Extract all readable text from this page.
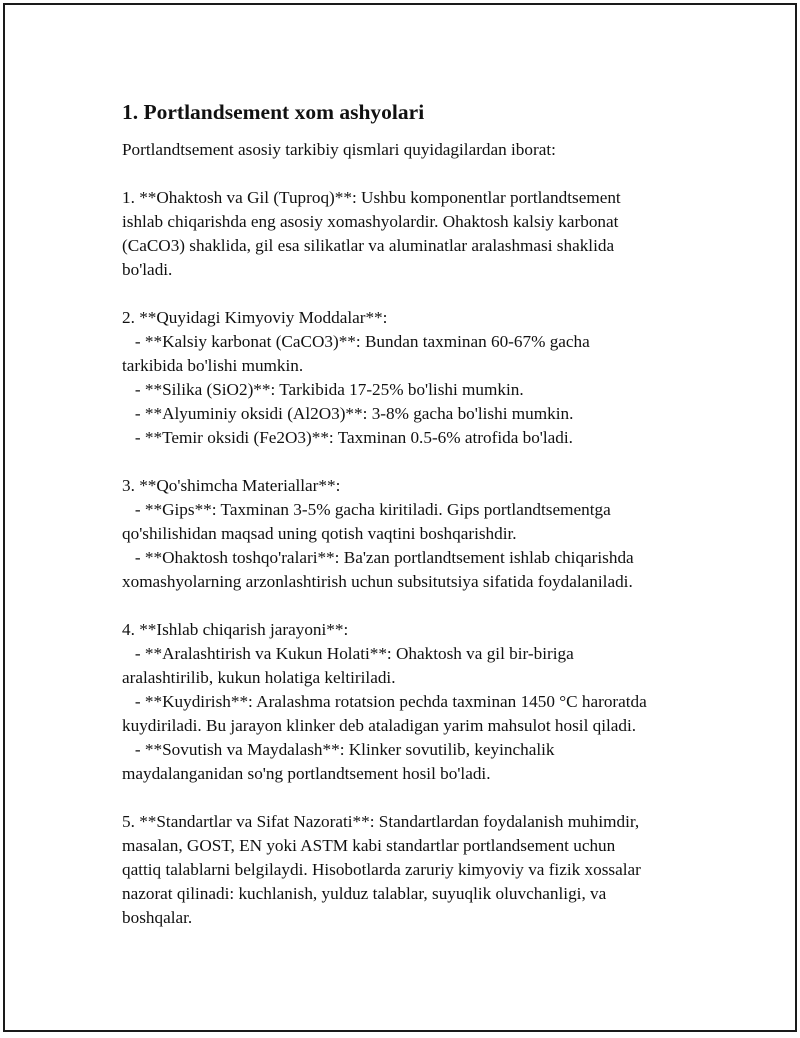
1. Portlandsement xom ashyolari
Portlandtsement asosiy tarkibiy qismlari quyidagilardan iborat:
1. **Ohaktosh va Gil (Tuproq)**: Ushbu komponentlar portlandtsement
ishlab chiqarishda eng asosiy xomashyolardir. Ohaktosh kalsiy karbonat
(CaCO3) shaklida, gil esa silikatlar va aluminatlar aralashmasi shaklida
bo'ladi.
2. **Quyidagi Kimyoviy Moddalar**:
- **Kalsiy karbonat (CaCO3)**: Bundan taxminan 60-67% gacha
tarkibida bo'lishi mumkin.
- **Silika (SiO2)**: Tarkibida 17-25% bo'lishi mumkin.
- **Alyuminiy oksidi (Al2O3)**: 3-8% gacha bo'lishi mumkin.
- **Temir oksidi (Fe2O3)**: Taxminan 0.5-6% atrofida bo'ladi.
3. **Qo'shimcha Materiallar**:
- **Gips**: Taxminan 3-5% gacha kiritiladi. Gips portlandtsementga
qo'shilishidan maqsad uning qotish vaqtini boshqarishdir.
- **Ohaktosh toshqo'ralari**: Ba'zan portlandtsement ishlab chiqarishda
xomashyolarning arzonlashtirish uchun subsitutsiya sifatida foydalaniladi.
4. **Ishlab chiqarish jarayoni**:
- **Aralashtirish va Kukun Holati**: Ohaktosh va gil bir-biriga
aralashtirilib, kukun holatiga keltiriladi.
- **Kuydirish**: Aralashma rotatsion pechda taxminan 1450 °C haroratda
kuydiriladi. Bu jarayon klinker deb ataladigan yarim mahsulot hosil qiladi.
- **Sovutish va Maydalash**: Klinker sovutilib, keyinchalik
maydalanganidan so'ng portlandtsement hosil bo'ladi.
5. **Standartlar va Sifat Nazorati**: Standartlardan foydalanish muhimdir,
masalan, GOST, EN yoki ASTM kabi standartlar portlandsement uchun
qattiq talablarni belgilaydi. Hisobotlarda zaruriy kimyoviy va fizik xossalar
nazorat qilinadi: kuchlanish, yulduz talablar, suyuqlik oluvchanligi, va
boshqalar.
